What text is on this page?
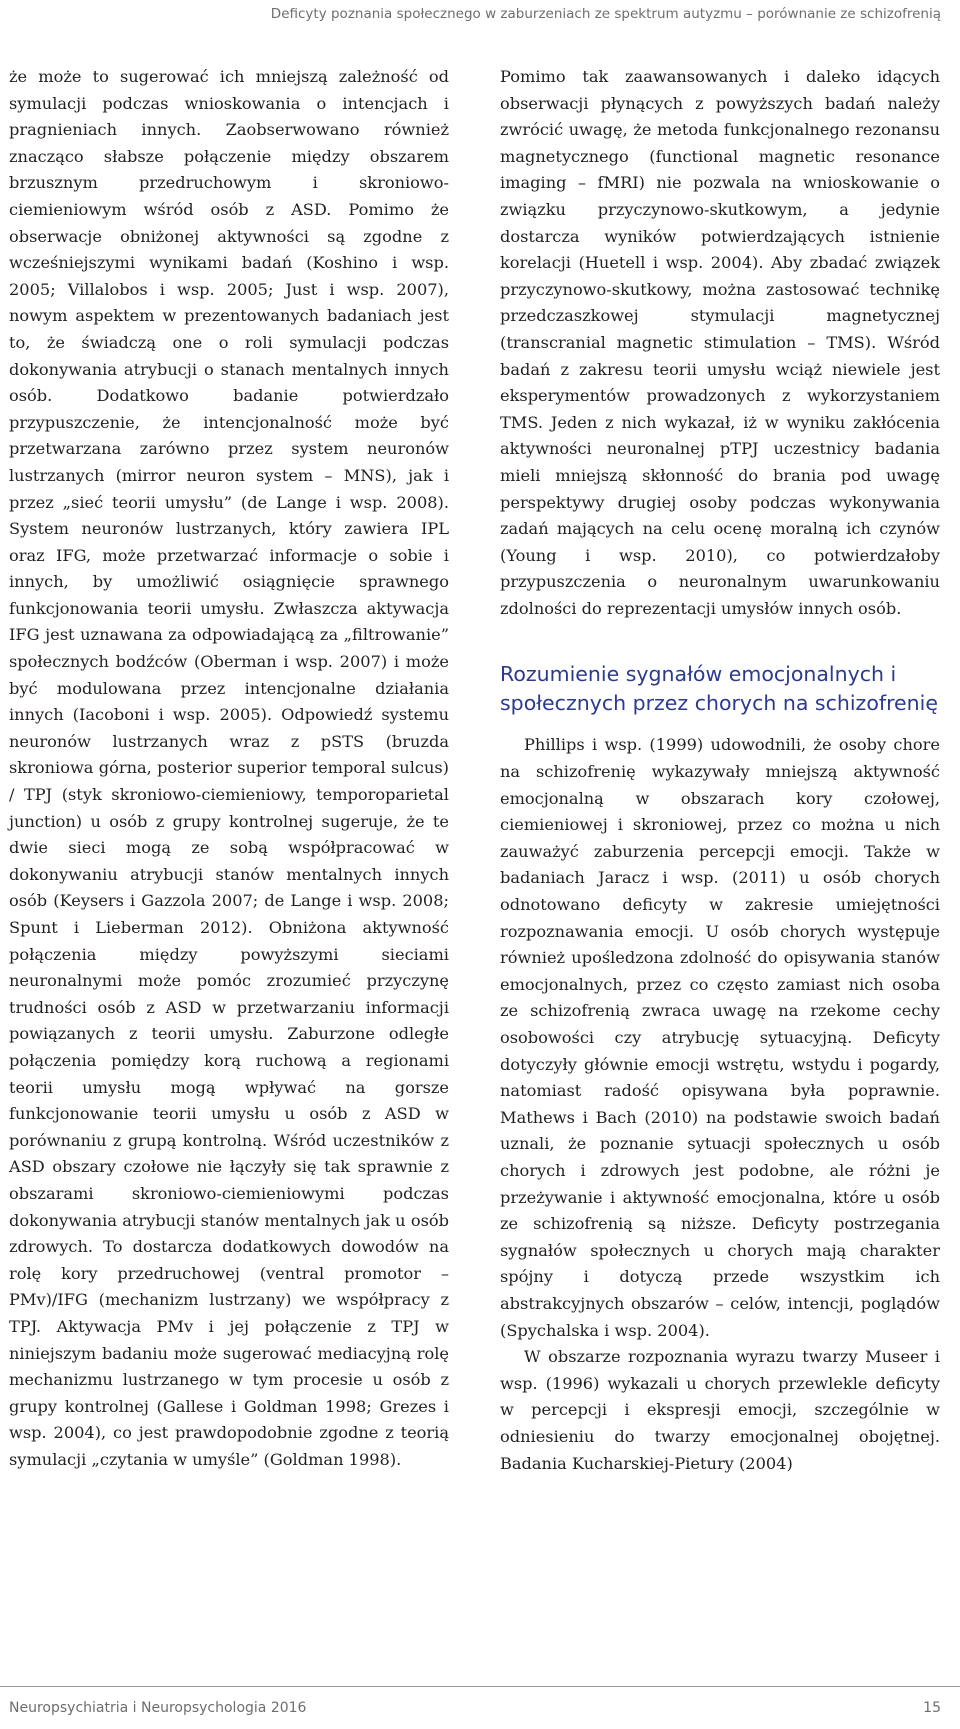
Deficyty poznania społecznego w zaburzeniach ze spektrum autyzmu – porównanie ze schizofrenią

że może to sugerować ich mniejszą zależność od symulacji podczas wnioskowania o intencjach i pragnieniach innych. Zaobserwowano również znacząco słabsze połączenie między obszarem brzusznym przedruchowym i skroniowo-ciemieniowym wśród osób z ASD. Pomimo że obserwacje obniżonej aktywności są zgodne z wcześniejszymi wynikami badań (Koshino i wsp. 2005; Villalobos i wsp. 2005; Just i wsp. 2007), nowym aspektem w prezentowanych badaniach jest to, że świadczą one o roli symulacji podczas dokonywania atrybucji o stanach mentalnych innych osób. Dodatkowo badanie potwierdzało przypuszczenie, że intencjonalność może być przetwarzana zarówno przez system neuronów lustrzanych (mirror neuron system – MNS), jak i przez „sieć teorii umysłu” (de Lange i wsp. 2008). System neuronów lustrzanych, który zawiera IPL oraz IFG, może przetwarzać informacje o sobie i innych, by umożliwić osiągnięcie sprawnego funkcjonowania teorii umysłu. Zwłaszcza aktywacja IFG jest uznawana za odpowiadającą za „filtrowanie” społecznych bodźców (Oberman i wsp. 2007) i może być modulowana przez intencjonalne działania innych (Iacoboni i wsp. 2005). Odpowiedź systemu neuronów lustrzanych wraz z pSTS (bruzda skroniowa górna, posterior superior temporal sulcus) / TPJ (styk skroniowo-ciemieniowy, temporoparietal junction) u osób z grupy kontrolnej sugeruje, że te dwie sieci mogą ze sobą współpracować w dokonywaniu atrybucji stanów mentalnych innych osób (Keysers i Gazzola 2007; de Lange i wsp. 2008; Spunt i Lieberman 2012). Obniżona aktywność połączenia między powyższymi sieciami neuronalnymi może pomóc zrozumieć przyczynę trudności osób z ASD w przetwarzaniu informacji powiązanych z teorii umysłu. Zaburzone odległe połączenia pomiędzy korą ruchową a regionami teorii umysłu mogą wpływać na gorsze funkcjonowanie teorii umysłu u osób z ASD w porównaniu z grupą kontrolną. Wśród uczestników z ASD obszary czołowe nie łączyły się tak sprawnie z obszarami skroniowo-ciemieniowymi podczas dokonywania atrybucji stanów mentalnych jak u osób zdrowych. To dostarcza dodatkowych dowodów na rolę kory przedruchowej (ventral promotor – PMv)/IFG (mechanizm lustrzany) we współpracy z TPJ. Aktywacja PMv i jej połączenie z TPJ w niniejszym badaniu może sugerować mediacyjną rolę mechanizmu lustrzanego w tym procesie u osób z grupy kontrolnej (Gallese i Goldman 1998; Grezes i wsp. 2004), co jest prawdopodobnie zgodne z teorią symulacji „czytania w umyśle” (Goldman 1998).

Pomimo tak zaawansowanych i daleko idących obserwacji płynących z powyższych badań należy zwrócić uwagę, że metoda funkcjonalnego rezonansu magnetycznego (functional magnetic resonance imaging – fMRI) nie pozwala na wnioskowanie o związku przyczynowo-skutkowym, a jedynie dostarcza wyników potwierdzających istnienie korelacji (Huetell i wsp. 2004). Aby zbadać związek przyczynowo-skutkowy, można zastosować technikę przedczaszkowej stymulacji magnetycznej (transcranial magnetic stimulation – TMS). Wśród badań z zakresu teorii umysłu wciąż niewiele jest eksperymentów prowadzonych z wykorzystaniem TMS. Jeden z nich wykazał, iż w wyniku zakłócenia aktywności neuronalnej pTPJ uczestnicy badania mieli mniejszą skłonność do brania pod uwagę perspektywy drugiej osoby podczas wykonywania zadań mających na celu ocenę moralną ich czynów (Young i wsp. 2010), co potwierdzałoby przypuszczenia o neuronalnym uwarunkowaniu zdolności do reprezentacji umysłów innych osób.

Rozumienie sygnałów emocjonalnych i społecznych przez chorych na schizofrenię

Phillips i wsp. (1999) udowodnili, że osoby chore na schizofrenię wykazywały mniejszą aktywność emocjonalną w obszarach kory czołowej, ciemieniowej i skroniowej, przez co można u nich zauważyć zaburzenia percepcji emocji. Także w badaniach Jaracz i wsp. (2011) u osób chorych odnotowano deficyty w zakresie umiejętności rozpoznawania emocji. U osób chorych występuje również upośledzona zdolność do opisywania stanów emocjonalnych, przez co często zamiast nich osoba ze schizofrenią zwraca uwagę na rzekome cechy osobowości czy atrybucję sytuacyjną. Deficyty dotyczyły głównie emocji wstrętu, wstydu i pogardy, natomiast radość opisywana była poprawnie. Mathews i Bach (2010) na podstawie swoich badań uznali, że poznanie sytuacji społecznych u osób chorych i zdrowych jest podobne, ale różni je przeżywanie i aktywność emocjonalna, które u osób ze schizofrenią są niższe. Deficyty postrzegania sygnałów społecznych u chorych mają charakter spójny i dotyczą przede wszystkim ich abstrakcyjnych obszarów – celów, intencji, poglądów (Spychalska i wsp. 2004).

W obszarze rozpoznania wyrazu twarzy Museer i wsp. (1996) wykazali u chorych przewlekle deficyty w percepcji i ekspresji emocji, szczególnie w odniesieniu do twarzy emocjonalnej obojętnej. Badania Kucharskiej-Pietury (2004)

Neuropsychiatria i Neuropsychologia 2016	15
